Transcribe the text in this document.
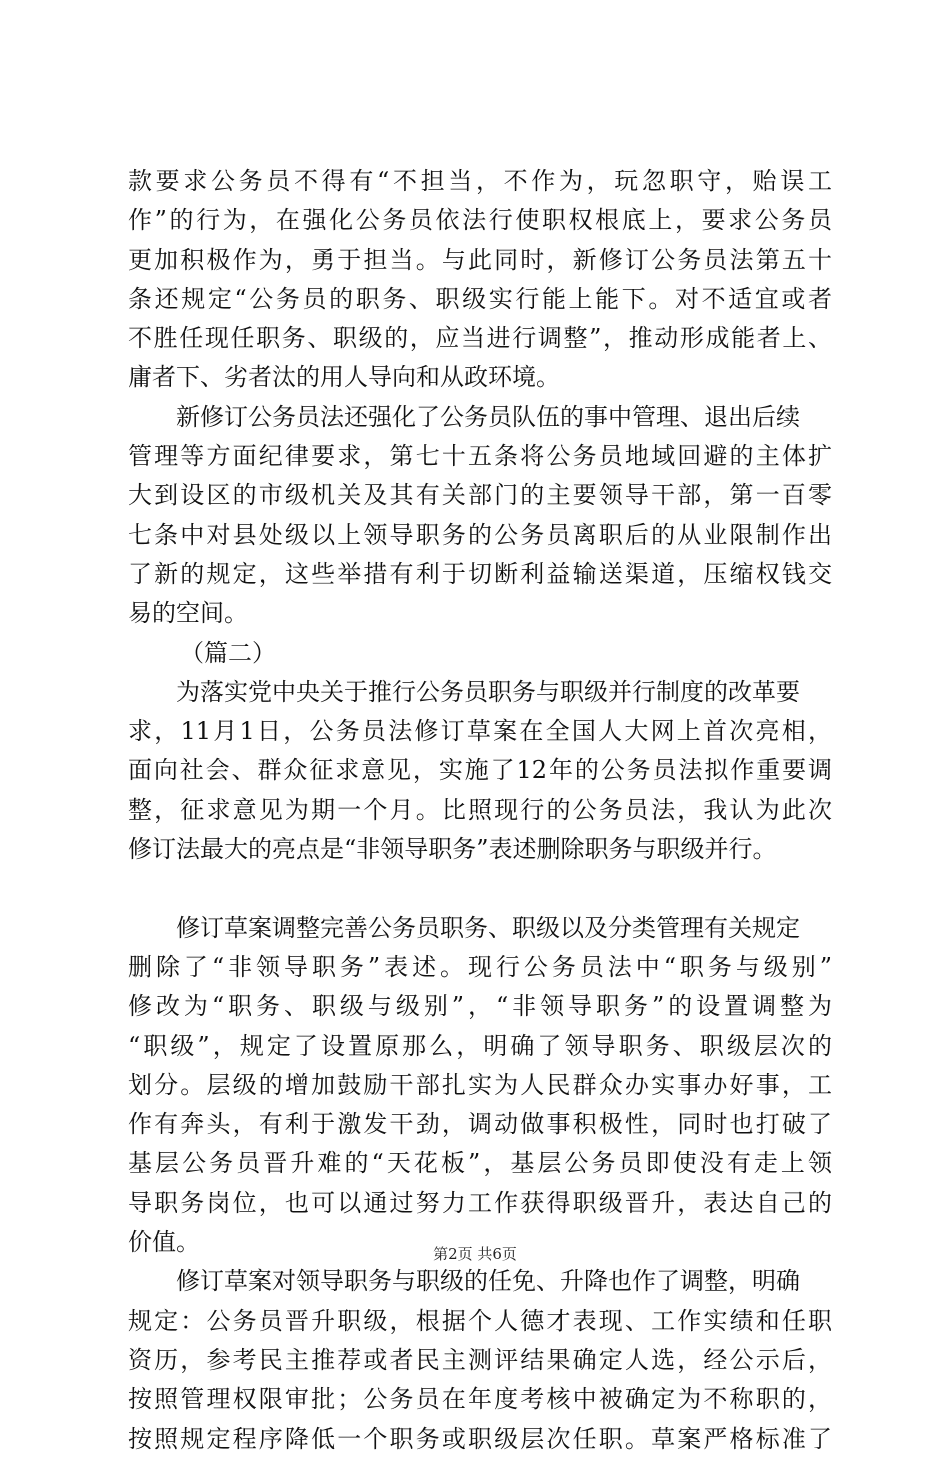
款要求公务员不得有“不担当，不作为，玩忽职守，贻误工
作”的行为，在强化公务员依法行使职权根底上，要求公务员
更加积极作为，勇于担当。与此同时，新修订公务员法第五十
条还规定“公务员的职务、职级实行能上能下。对不适宜或者
不胜任现任职务、职级的，应当进行调整”，推动形成能者上、
庸者下、劣者汰的用人导向和从政环境。
新修订公务员法还强化了公务员队伍的事中管理、退出后续
管理等方面纪律要求，第七十五条将公务员地域回避的主体扩
大到设区的市级机关及其有关部门的主要领导干部，第一百零
七条中对县处级以上领导职务的公务员离职后的从业限制作出
了新的规定，这些举措有利于切断利益输送渠道，压缩权钱交
易的空间。
（篇二）
为落实党中央关于推行公务员职务与职级并行制度的改革要
求，11月1日，公务员法修订草案在全国人大网上首次亮相，
面向社会、群众征求意见，实施了12年的公务员法拟作重要调
整，征求意见为期一个月。比照现行的公务员法，我认为此次
修订法最大的亮点是“非领导职务”表述删除职务与职级并行。
修订草案调整完善公务员职务、职级以及分类管理有关规定
删除了“非领导职务”表述。现行公务员法中“职务与级别”
修改为“职务、职级与级别”，“非领导职务”的设置调整为
“职级”，规定了设置原那么，明确了领导职务、职级层次的
划分。层级的增加鼓励干部扎实为人民群众办实事办好事，工
作有奔头，有利于激发干劲，调动做事积极性，同时也打破了
基层公务员晋升难的“天花板”，基层公务员即使没有走上领
导职务岗位，也可以通过努力工作获得职级晋升，表达自己的
价值。
修订草案对领导职务与职级的任免、升降也作了调整，明确
规定：公务员晋升职级，根据个人德才表现、工作实绩和任职
资历，参考民主推荐或者民主测评结果确定人选，经公示后，
按照管理权限审批；公务员在年度考核中被确定为不称职的，
按照规定程序降低一个职务或职级层次任职。草案严格标准了
第2页 共6页
